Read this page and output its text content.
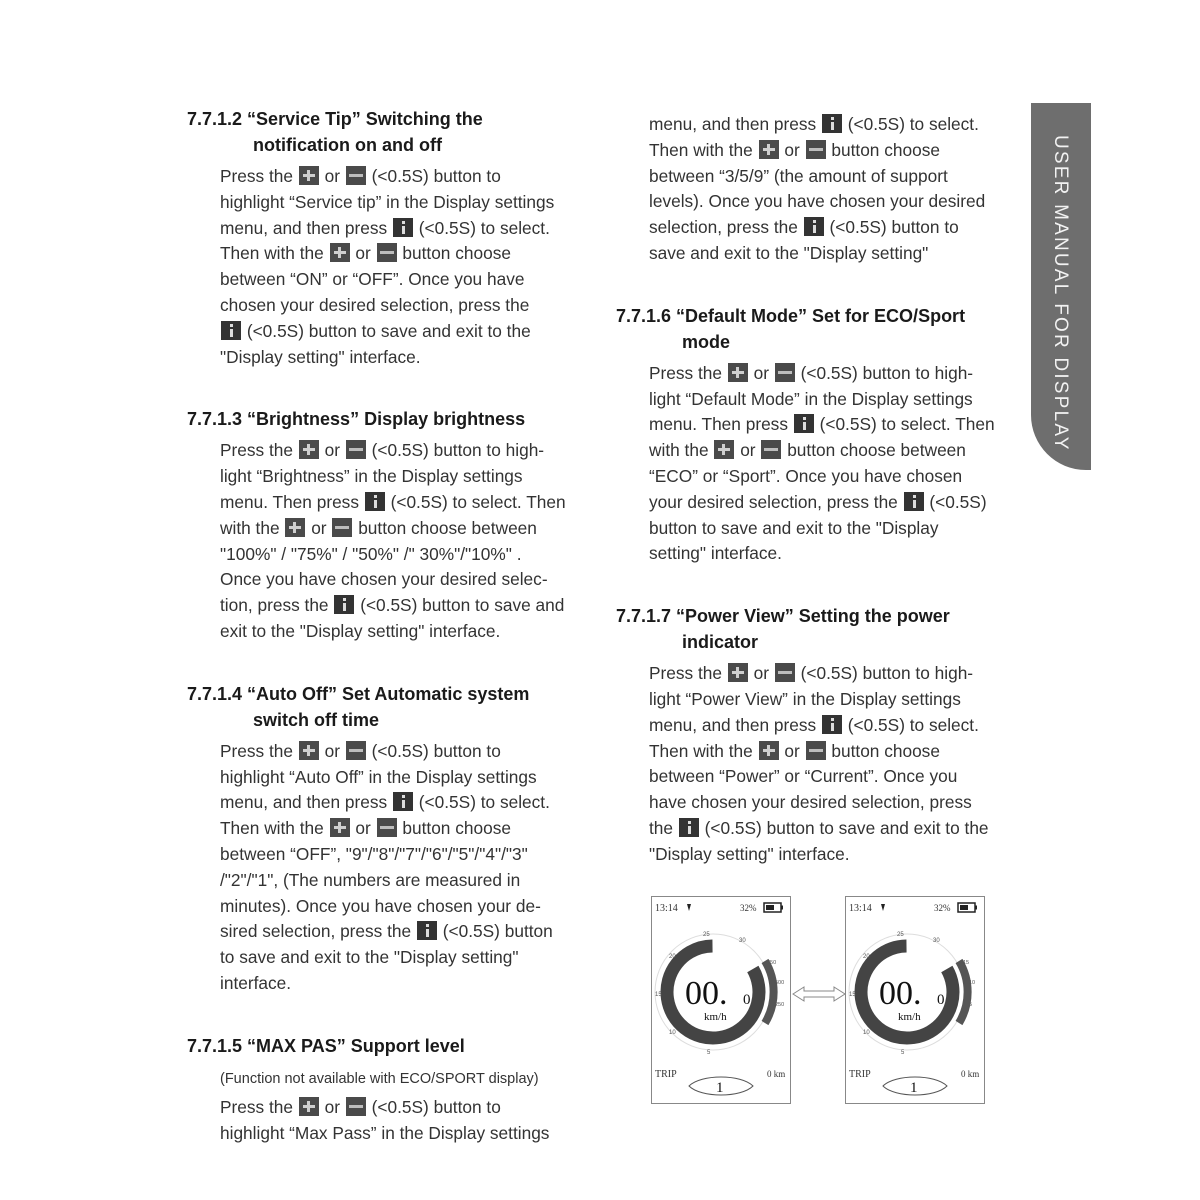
USER MANUAL FOR DISPLAY
7.7.1.2 “Service Tip” Switching the
notification on and off
Press the or (<0.5S) button to
highlight “Service tip” in the Display settings
menu, and then press (<0.5S) to select.
Then with the or button choose
between “ON” or “OFF”. Once you have
chosen your desired selection, press the
(<0.5S) button to save and exit to the
"Display setting" interface.
7.7.1.3 “Brightness” Display brightness
Press the or (<0.5S) button to high-
light “Brightness” in the Display settings
menu. Then press (<0.5S) to select. Then
with the or button choose between
"100%" / "75%" / "50%" /" 30%"/"10%" .
Once you have chosen your desired selec-
tion, press the (<0.5S) button to save and
exit to the "Display setting" interface.
7.7.1.4 “Auto Off” Set Automatic system
switch off time
Press the or (<0.5S) button to
highlight “Auto Off” in the Display settings
menu, and then press (<0.5S) to select.
Then with the or button choose
between “OFF”, "9"/"8"/"7"/"6"/"5"/"4"/"3"
/"2"/"1", (The numbers are measured in
minutes). Once you have chosen your de-
sired selection, press the (<0.5S) button
to save and exit to the "Display setting"
interface.
7.7.1.5 “MAX PAS” Support level
(Function not available with ECO/SPORT display)
Press the or (<0.5S) button to
highlight “Max Pass” in the Display settings
menu, and then press (<0.5S) to select.
Then with the or button choose
between “3/5/9” (the amount of support
levels). Once you have chosen your desired
selection, press the (<0.5S) button to
save and exit to the "Display setting"
7.7.1.6 “Default Mode” Set for ECO/Sport
mode
Press the or (<0.5S) button to high-
light “Default Mode” in the Display settings
menu. Then press (<0.5S) to select. Then
with the or button choose between
“ECO” or “Sport”. Once you have chosen
your desired selection, press the (<0.5S)
button to save and exit to the "Display
setting" interface.
7.7.1.7 “Power View” Setting the power
indicator
Press the or (<0.5S) button to high-
light “Power View” in the Display settings
menu, and then press (<0.5S) to select.
Then with the or  button choose
between “Power” or “Current”. Once you
have chosen your desired selection, press
the (<0.5S) button to save and exit to the
"Display setting" interface.
13:14	32%
25
20
15
10
5
30
750
500
250
00. 0
km/h
TRIP	0 km
1
13:14	32%
25
20
15
10
5
30
15
10
5
00. 0
km/h
TRIP	0 km
1
